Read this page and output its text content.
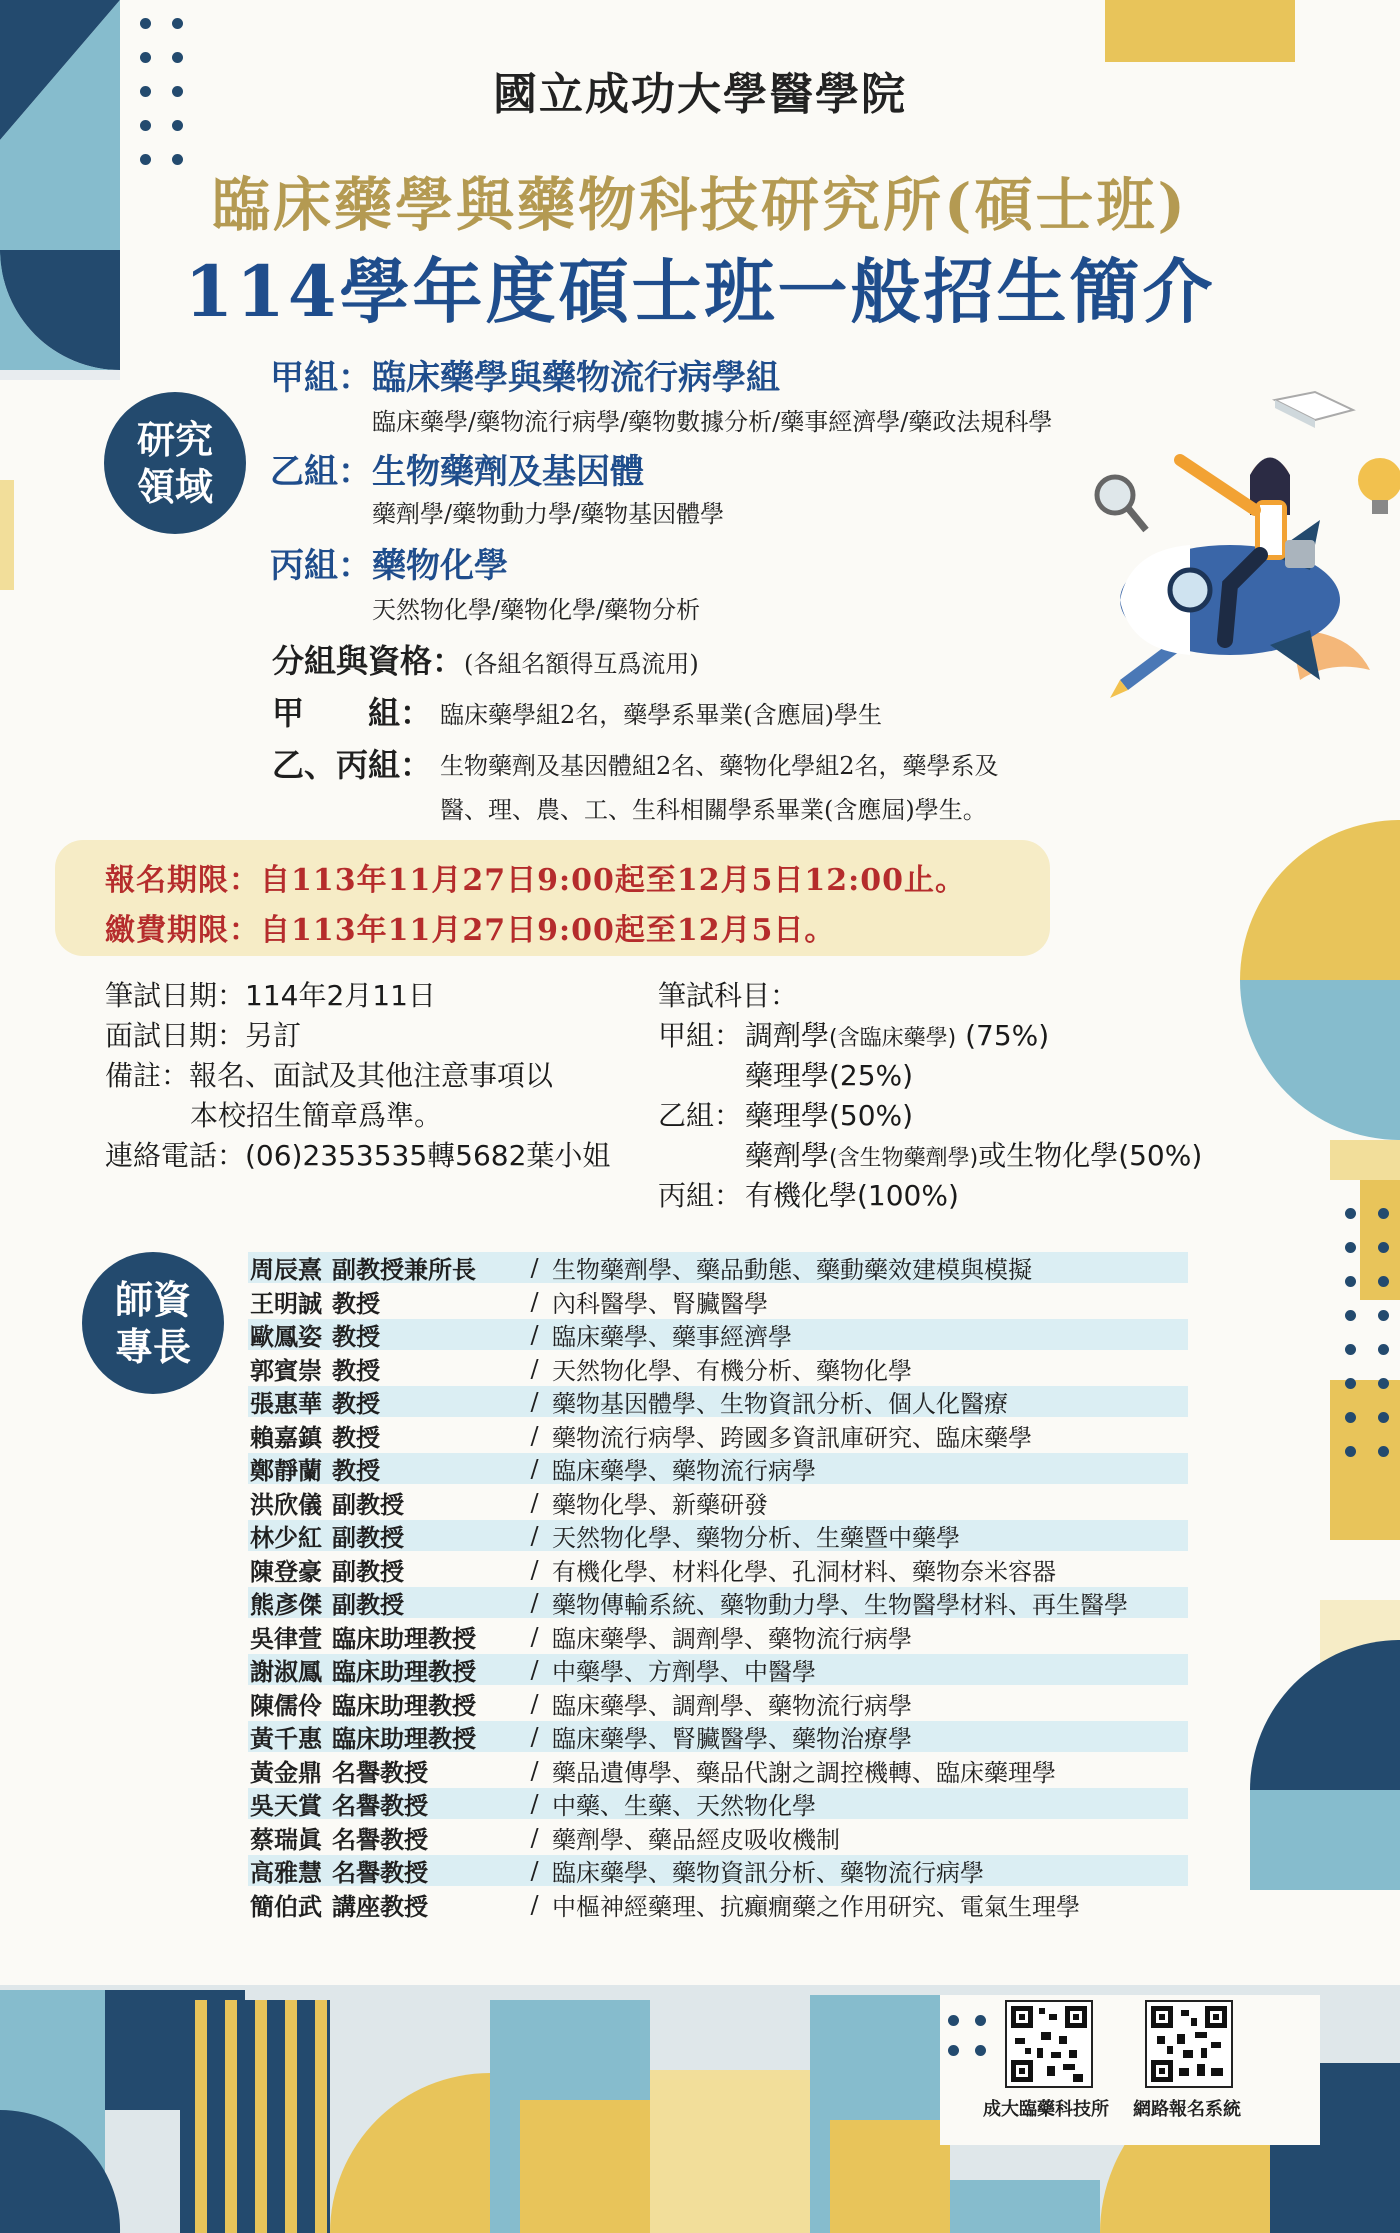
國立成功大學醫學院
臨床藥學與藥物科技研究所(碩士班)
114學年度碩士班一般招生簡介
研究
領域
甲組：臨床藥學與藥物流行病學組
臨床藥學/藥物流行病學/藥物數據分析/藥事經濟學/藥政法規科學
乙組：生物藥劑及基因體
藥劑學/藥物動力學/藥物基因體學
丙組：藥物化學
天然物化學/藥物化學/藥物分析
分組與資格：(各組名額得互爲流用)
甲　　組： 臨床藥學組2名，藥學系畢業(含應屆)學生
乙、丙組： 生物藥劑及基因體組2名、藥物化學組2名，藥學系及
醫、理、農、工、生科相關學系畢業(含應屆)學生。
報名期限：自113年11月27日9:00起至12月5日12:00止。
繳費期限：自113年11月27日9:00起至12月5日。
筆試日期：114年2月11日
面試日期：另訂
備註：報名、面試及其他注意事項以
本校招生簡章爲準。
連絡電話：(06)2353535轉5682葉小姐
筆試科目：
甲組： 調劑學(含臨床藥學) (75%)
藥理學(25%)
乙組： 藥理學(50%)
藥劑學(含生物藥劑學)或生物化學(50%)
丙組： 有機化學(100%)
師資
專長
周辰熹 副教授兼所長	/ 生物藥劑學、藥品動態、藥動藥效建模與模擬
王明誠 教授	/ 內科醫學、腎臟醫學
歐鳳姿 教授	/ 臨床藥學、藥事經濟學
郭賓崇 教授	/ 天然物化學、有機分析、藥物化學
張惠華 教授	/ 藥物基因體學、生物資訊分析、個人化醫療
賴嘉鎮 教授	/ 藥物流行病學、跨國多資訊庫研究、臨床藥學
鄭靜蘭 教授	/ 臨床藥學、藥物流行病學
洪欣儀 副教授	/ 藥物化學、新藥研發
林少紅 副教授	/ 天然物化學、藥物分析、生藥暨中藥學
陳登豪 副教授	/ 有機化學、材料化學、孔洞材料、藥物奈米容器
熊彥傑 副教授	/ 藥物傳輸系統、藥物動力學、生物醫學材料、再生醫學
吳律萱 臨床助理教授	/ 臨床藥學、調劑學、藥物流行病學
謝淑鳳 臨床助理教授	/ 中藥學、方劑學、中醫學
陳儒伶 臨床助理教授	/ 臨床藥學、調劑學、藥物流行病學
黃千惠 臨床助理教授	/ 臨床藥學、腎臟醫學、藥物治療學
黃金鼎 名譽教授	/ 藥品遺傳學、藥品代謝之調控機轉、臨床藥理學
吳天賞 名譽教授	/ 中藥、生藥、天然物化學
蔡瑞眞 名譽教授	/ 藥劑學、藥品經皮吸收機制
高雅慧 名譽教授	/ 臨床藥學、藥物資訊分析、藥物流行病學
簡伯武 講座教授	/ 中樞神經藥理、抗癲癇藥之作用研究、電氣生理學
成大臨藥科技所 網路報名系統
